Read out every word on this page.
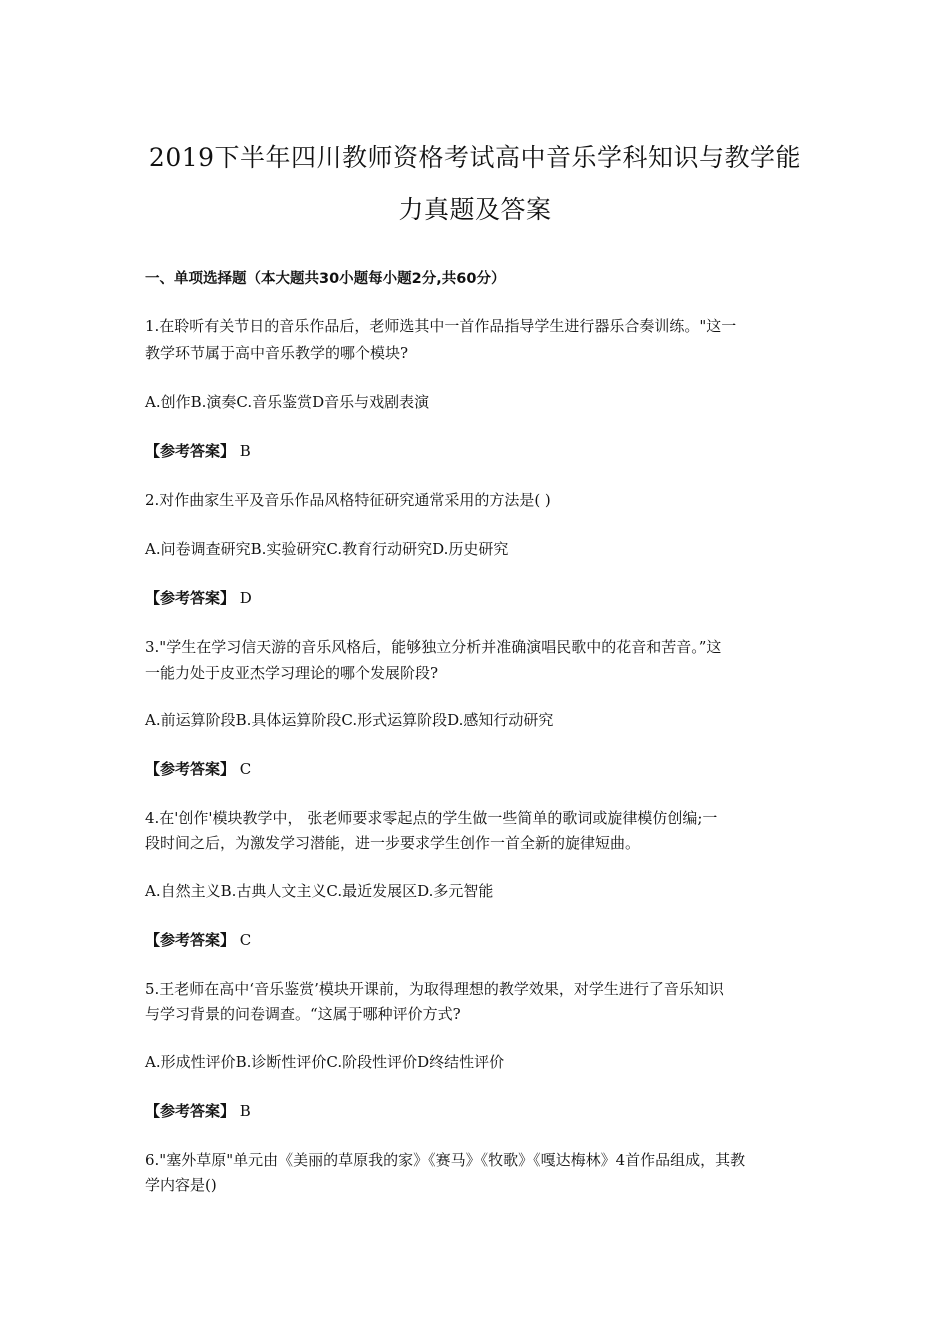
2019下半年四川教师资格考试高中音乐学科知识与教学能
力真题及答案
一、单项选择题（本大题共30小题每小题2分,共60分）
1.在聆听有关节日的音乐作品后，老师选其中一首作品指导学生进行器乐合奏训练。"这一
教学环节属于高中音乐教学的哪个模块?
A.创作B.演奏C.音乐鉴赏D音乐与戏剧表演
【参考答案】 B
2.对作曲家生平及音乐作品风格特征研究通常采用的方法是( )
A.问卷调查研究B.实验研究C.教育行动研究D.历史研究
【参考答案】 D
3."学生在学习信天游的音乐风格后，能够独立分析并准确演唱民歌中的花音和苦音。”这
一能力处于皮亚杰学习理论的哪个发展阶段?
A.前运算阶段B.具体运算阶段C.形式运算阶段D.感知行动研究
【参考答案】 C
4.在'创作'模块教学中， 张老师要求零起点的学生做一些简单的歌词或旋律模仿创编;一
段时间之后，为激发学习潜能，进一步要求学生创作一首全新的旋律短曲。
A.自然主义B.古典人文主义C.最近发展区D.多元智能
【参考答案】 C
5.王老师在高中‘音乐鉴赏’模块开课前，为取得理想的教学效果，对学生进行了音乐知识
与学习背景的问卷调查。“这属于哪种评价方式?
A.形成性评价B.诊断性评价C.阶段性评价D终结性评价
【参考答案】 B
6."塞外草原"单元由《美丽的草原我的家》《赛马》《牧歌》《嘎达梅林》4首作品组成，其教
学内容是()
